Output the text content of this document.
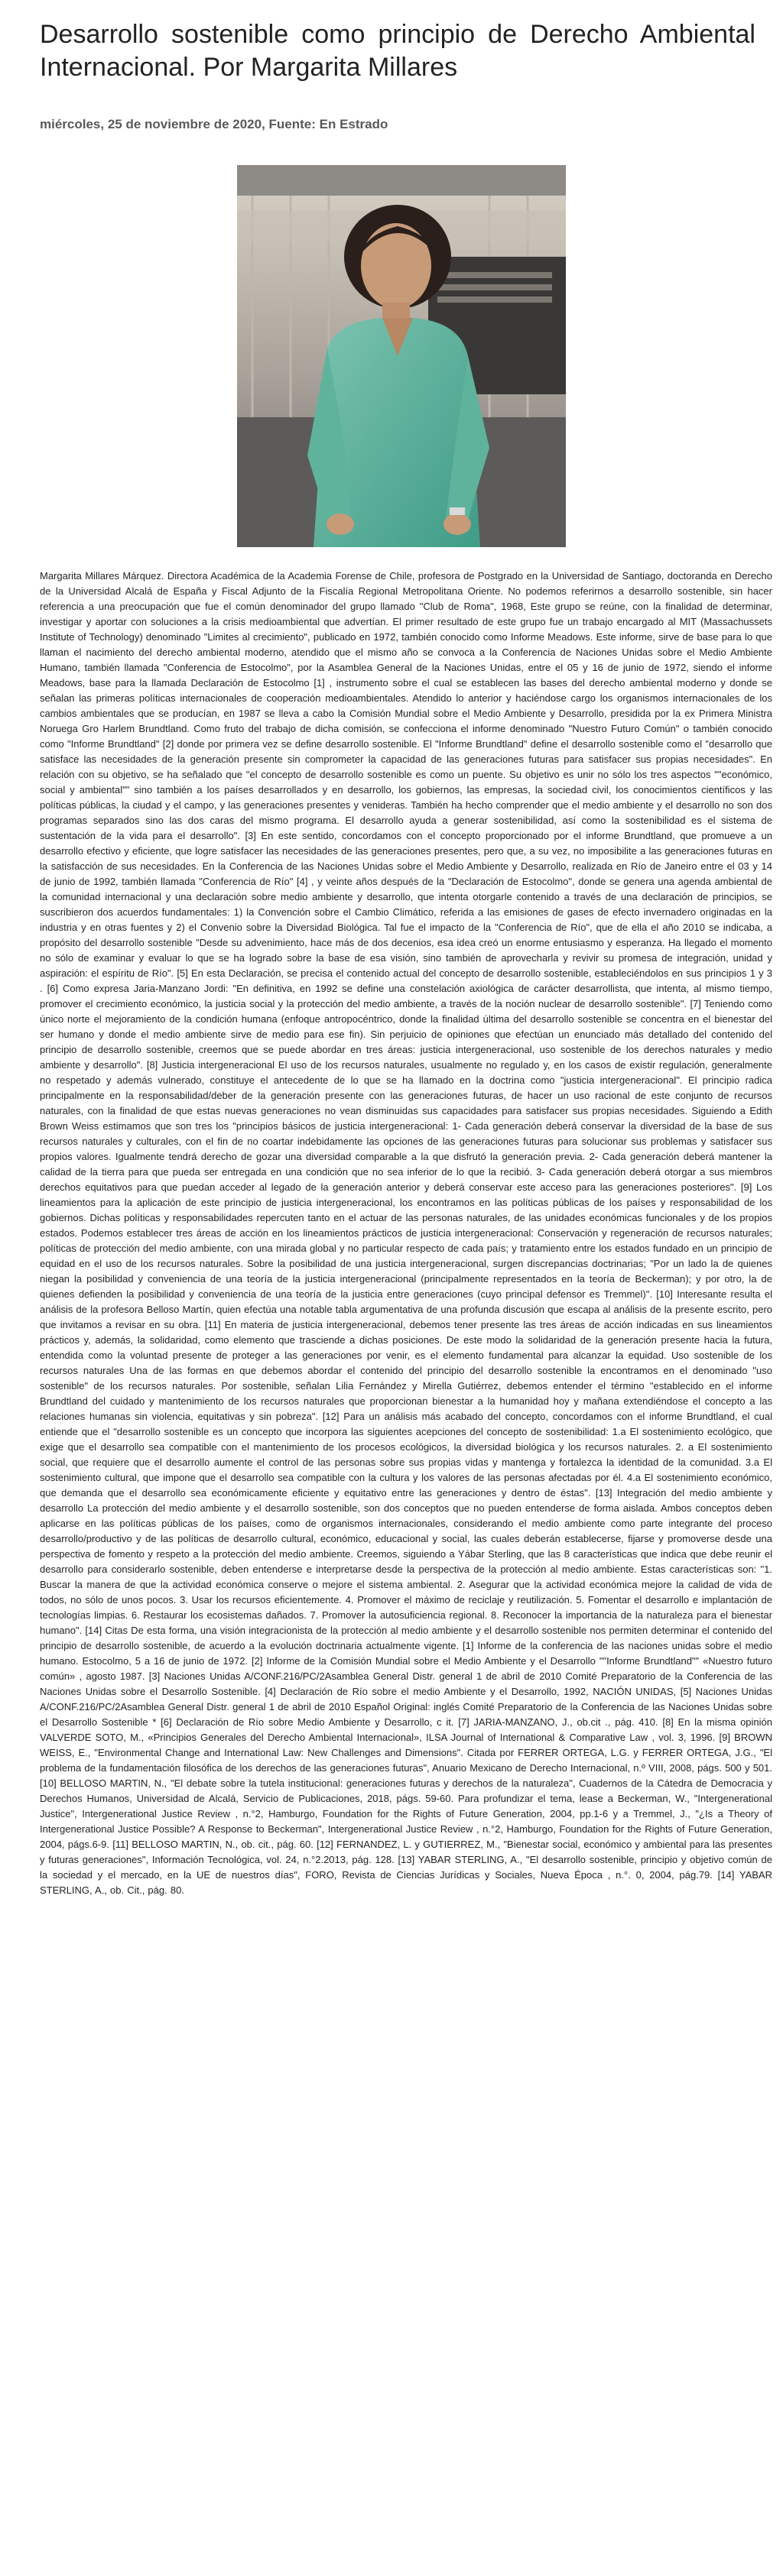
Desarrollo sostenible como principio de Derecho Ambiental Internacional. Por Margarita Millares
miércoles, 25 de noviembre de 2020, Fuente: En Estrado

Margarita Millares Márquez. Directora Académica de la Academia Forense de Chile, profesora de Postgrado en la Universidad de Santiago, doctoranda en Derecho de la Universidad Alcalá de España y Fiscal Adjunto de la Fiscalía Regional Metropolitana Oriente. No podemos referirnos a desarrollo sostenible, sin hacer referencia a una preocupación que fue el común denominador del grupo llamado "Club de Roma", 1968, Este grupo se reúne, con la finalidad de determinar, investigar y aportar con soluciones a la crisis medioambiental que advertían. El primer resultado de este grupo fue un trabajo encargado al MIT (Massachussets Institute of Technology) denominado "Limites al crecimiento", publicado en 1972, también conocido como Informe Meadows. Este informe, sirve de base para lo que llaman el nacimiento del derecho ambiental moderno, atendido que el mismo año se convoca a la Conferencia de Naciones Unidas sobre el Medio Ambiente Humano, también llamada "Conferencia de Estocolmo", por la Asamblea General de la Naciones Unidas, entre el 05 y 16 de junio de 1972, siendo el informe Meadows, base para la llamada Declaración de Estocolmo [1] , instrumento sobre el cual se establecen las bases del derecho ambiental moderno y donde se señalan las primeras políticas internacionales de cooperación medioambientales. Atendido lo anterior y haciéndose cargo los organismos internacionales de los cambios ambientales que se producían, en 1987 se lleva a cabo la Comisión Mundial sobre el Medio Ambiente y Desarrollo, presidida por la ex Primera Ministra Noruega Gro Harlem Brundtland. Como fruto del trabajo de dicha comisión, se confecciona el informe denominado "Nuestro Futuro Común" o también conocido como "Informe Brundtland" [2] donde por primera vez se define desarrollo sostenible. El "Informe Brundtland" define el desarrollo sostenible como el "desarrollo que satisface las necesidades de la generación presente sin comprometer la capacidad de las generaciones futuras para satisfacer sus propias necesidades". En relación con su objetivo, se ha señalado que "el concepto de desarrollo sostenible es como un puente. Su objetivo es unir no sólo los tres aspectos ""económico, social y ambiental"" sino también a los países desarrollados y en desarrollo, los gobiernos, las empresas, la sociedad civil, los conocimientos científicos y las políticas públicas, la ciudad y el campo, y las generaciones presentes y venideras. También ha hecho comprender que el medio ambiente y el desarrollo no son dos programas separados sino las dos caras del mismo programa. El desarrollo ayuda a generar sostenibilidad, así como la sostenibilidad es el sistema de sustentación de la vida para el desarrollo". [3] En este sentido, concordamos con el concepto proporcionado por el informe Brundtland, que promueve a un desarrollo efectivo y eficiente, que logre satisfacer las necesidades de las generaciones presentes, pero que, a su vez, no imposibilite a las generaciones futuras en la satisfacción de sus necesidades. En la Conferencia de las Naciones Unidas sobre el Medio Ambiente y Desarrollo, realizada en Río de Janeiro entre el 03 y 14 de junio de 1992, también llamada "Conferencia de Río" [4] , y veinte años después de la "Declaración de Estocolmo", donde se genera una agenda ambiental de la comunidad internacional y una declaración sobre medio ambiente y desarrollo, que intenta otorgarle contenido a través de una declaración de principios, se suscribieron dos acuerdos fundamentales: 1) la Convención sobre el Cambio Climático, referida a las emisiones de gases de efecto invernadero originadas en la industria y en otras fuentes y 2) el Convenio sobre la Diversidad Biológica. Tal fue el impacto de la "Conferencia de Río", que de ella el año 2010 se indicaba, a propósito del desarrollo sostenible "Desde su advenimiento, hace más de dos decenios, esa idea creó un enorme entusiasmo y esperanza. Ha llegado el momento no sólo de examinar y evaluar lo que se ha logrado sobre la base de esa visión, sino también de aprovecharla y revivir su promesa de integración, unidad y aspiración: el espíritu de Río". [5] En esta Declaración, se precisa el contenido actual del concepto de desarrollo sostenible, estableciéndolos en sus principios 1 y 3 . [6] Como expresa Jaria-Manzano Jordi: "En definitiva, en 1992 se define una constelación axiológica de carácter desarrollista, que intenta, al mismo tiempo, promover el crecimiento económico, la justicia social y la protección del medio ambiente, a través de la noción nuclear de desarrollo sostenible". [7] Teniendo como único norte el mejoramiento de la condición humana (enfoque antropocéntrico, donde la finalidad última del desarrollo sostenible se concentra en el bienestar del ser humano y donde el medio ambiente sirve de medio para ese fin). Sin perjuicio de opiniones que efectúan un enunciado más detallado del contenido del principio de desarrollo sostenible, creemos que se puede abordar en tres áreas: justicia intergeneracional, uso sostenible de los derechos naturales y medio ambiente y desarrollo". [8] Justicia intergeneracional El uso de los recursos naturales, usualmente no regulado y, en los casos de existir regulación, generalmente no respetado y además vulnerado, constituye el antecedente de lo que se ha llamado en la doctrina como "justicia intergeneracional". El principio radica principalmente en la responsabilidad/deber de la generación presente con las generaciones futuras, de hacer un uso racional de este conjunto de recursos naturales, con la finalidad de que estas nuevas generaciones no vean disminuidas sus capacidades para satisfacer sus propias necesidades. Siguiendo a Edith Brown Weiss estimamos que son tres los "principios básicos de justicia intergeneracional: 1- Cada generación deberá conservar la diversidad de la base de sus recursos naturales y culturales, con el fin de no coartar indebidamente las opciones de las generaciones futuras para solucionar sus problemas y satisfacer sus propios valores. Igualmente tendrá derecho de gozar una diversidad comparable a la que disfrutó la generación previa. 2- Cada generación deberá mantener la calidad de la tierra para que pueda ser entregada en una condición que no sea inferior de lo que la recibió. 3- Cada generación deberá otorgar a sus miembros derechos equitativos para que puedan acceder al legado de la generación anterior y deberá conservar este acceso para las generaciones posteriores". [9] Los lineamientos para la aplicación de este principio de justicia intergeneracional, los encontramos en las políticas públicas de los países y responsabilidad de los gobiernos. Dichas políticas y responsabilidades repercuten tanto en el actuar de las personas naturales, de las unidades económicas funcionales y de los propios estados. Podemos establecer tres áreas de acción en los lineamientos prácticos de justicia intergeneracional: Conservación y regeneración de recursos naturales; políticas de protección del medio ambiente, con una mirada global y no particular respecto de cada país; y tratamiento entre los estados fundado en un principio de equidad en el uso de los recursos naturales. Sobre la posibilidad de una justicia intergeneracional, surgen discrepancias doctrinarias; "Por un lado la de quienes niegan la posibilidad y conveniencia de una teoría de la justicia intergeneracional (principalmente representados en la teoría de Beckerman); y por otro, la de quienes defienden la posibilidad y conveniencia de una teoría de la justicia entre generaciones (cuyo principal defensor es Tremmel)". [10] Interesante resulta el análisis de la profesora Belloso Martín, quien efectúa una notable tabla argumentativa de una profunda discusión que escapa al análisis de la presente escrito, pero que invitamos a revisar en su obra. [11] En materia de justicia intergeneracional, debemos tener presente las tres áreas de acción indicadas en sus lineamientos prácticos y, además, la solidaridad, como elemento que trasciende a dichas posiciones. De este modo la solidaridad de la generación presente hacia la futura, entendida como la voluntad presente de proteger a las generaciones por venir, es el elemento fundamental para alcanzar la equidad. Uso sostenible de los recursos naturales Una de las formas en que debemos abordar el contenido del principio del desarrollo sostenible la encontramos en el denominado "uso sostenible" de los recursos naturales. Por sostenible, señalan Lilia Fernández y Mirella Gutiérrez, debemos entender el término "establecido en el informe Brundtland del cuidado y mantenimiento de los recursos naturales que proporcionan bienestar a la humanidad hoy y mañana extendiéndose el concepto a las relaciones humanas sin violencia, equitativas y sin pobreza". [12] Para un análisis más acabado del concepto, concordamos con el informe Brundtland, el cual entiende que el "desarrollo sostenible es un concepto que incorpora las siguientes acepciones del concepto de sostenibilidad: 1.a El sostenimiento ecológico, que exige que el desarrollo sea compatible con el mantenimiento de los procesos ecológicos, la diversidad biológica y los recursos naturales. 2. a El sostenimiento social, que requiere que el desarrollo aumente el control de las personas sobre sus propias vidas y mantenga y fortalezca la identidad de la comunidad. 3.a El sostenimiento cultural, que impone que el desarrollo sea compatible con la cultura y los valores de las personas afectadas por él. 4.a El sostenimiento económico, que demanda que el desarrollo sea económicamente eficiente y equitativo entre las generaciones y dentro de éstas". [13] Integración del medio ambiente y desarrollo La protección del medio ambiente y el desarrollo sostenible, son dos conceptos que no pueden entenderse de forma aislada. Ambos conceptos deben aplicarse en las políticas públicas de los países, como de organismos internacionales, considerando el medio ambiente como parte integrante del proceso desarrollo/productivo y de las políticas de desarrollo cultural, económico, educacional y social, las cuales deberán establecerse, fijarse y promoverse desde una perspectiva de fomento y respeto a la protección del medio ambiente. Creemos, siguiendo a Yábar Sterling, que las 8 características que indica que debe reunir el desarrollo para considerarlo sostenible, deben entenderse e interpretarse desde la perspectiva de la protección al medio ambiente. Estas características son: "1. Buscar la manera de que la actividad económica conserve o mejore el sistema ambiental. 2. Asegurar que la actividad económica mejore la calidad de vida de todos, no sólo de unos pocos. 3. Usar los recursos eficientemente. 4. Promover el máximo de reciclaje y reutilización. 5. Fomentar el desarrollo e implantación de tecnologías limpias. 6. Restaurar los ecosistemas dañados. 7. Promover la autosuficiencia regional. 8. Reconocer la importancia de la naturaleza para el bienestar humano". [14] Citas De esta forma, una visión integracionista de la protección al medio ambiente y el desarrollo sostenible nos permiten determinar el contenido del principio de desarrollo sostenible, de acuerdo a la evolución doctrinaria actualmente vigente. [1] Informe de la conferencia de las naciones unidas sobre el medio humano. Estocolmo, 5 a 16 de junio de 1972. [2] Informe de la Comisión Mundial sobre el Medio Ambiente y el Desarrollo ""Informe Brundtland"" «Nuestro futuro común» , agosto 1987. [3] Naciones Unidas A/CONF.216/PC/2Asamblea General Distr. general 1 de abril de 2010 Comité Preparatorio de la Conferencia de las Naciones Unidas sobre el Desarrollo Sostenible. [4] Declaración de Río sobre el medio Ambiente y el Desarrollo, 1992, NACIÓN UNIDAS, [5] Naciones Unidas A/CONF.216/PC/2Asamblea General Distr. general 1 de abril de 2010 Español Original: inglés Comité Preparatorio de la Conferencia de las Naciones Unidas sobre el Desarrollo Sostenible * [6] Declaración de Río sobre Medio Ambiente y Desarrollo, c it. [7] JARIA-MANZANO, J., ob.cit ., pág. 410. [8] En la misma opinión VALVERDE SOTO, M., «Principios Generales del Derecho Ambiental Internacional», ILSA Journal of International & Comparative Law , vol. 3, 1996. [9] BROWN WEISS, E., "Environmental Change and International Law: New Challenges and Dimensions". Citada por FERRER ORTEGA, L.G. y FERRER ORTEGA, J.G., "El problema de la fundamentación filosófica de los derechos de las generaciones futuras", Anuario Mexicano de Derecho Internacional, n.º VIII, 2008, págs. 500 y 501. [10] BELLOSO MARTIN, N., "El debate sobre la tutela institucional: generaciones futuras y derechos de la naturaleza", Cuadernos de la Cátedra de Democracia y Derechos Humanos, Universidad de Alcalá, Servicio de Publicaciones, 2018, págs. 59-60. Para profundizar el tema, lease a Beckerman, W., "Intergenerational Justice", Intergenerational Justice Review , n.°2, Hamburgo, Foundation for the Rights of Future Generation, 2004, pp.1-6 y a Tremmel, J., "¿Is a Theory of Intergenerational Justice Possible? A Response to Beckerman", Intergenerational Justice Review , n.°2, Hamburgo, Foundation for the Rights of Future Generation, 2004, págs.6-9. [11] BELLOSO MARTIN, N., ob. cit., pág. 60. [12] FERNANDEZ, L. y GUTIERREZ, M., "Bienestar social, económico y ambiental para las presentes y futuras generaciones", Información Tecnológica, vol. 24, n.°2.2013, pág. 128. [13] YABAR STERLING, A., "El desarrollo sostenible, principio y objetivo común de la sociedad y el mercado, en la UE de nuestros días", FORO, Revista de Ciencias Jurídicas y Sociales, Nueva Época , n.°. 0, 2004, pág.79. [14] YABAR STERLING, A., ob. Cit., pág. 80.
